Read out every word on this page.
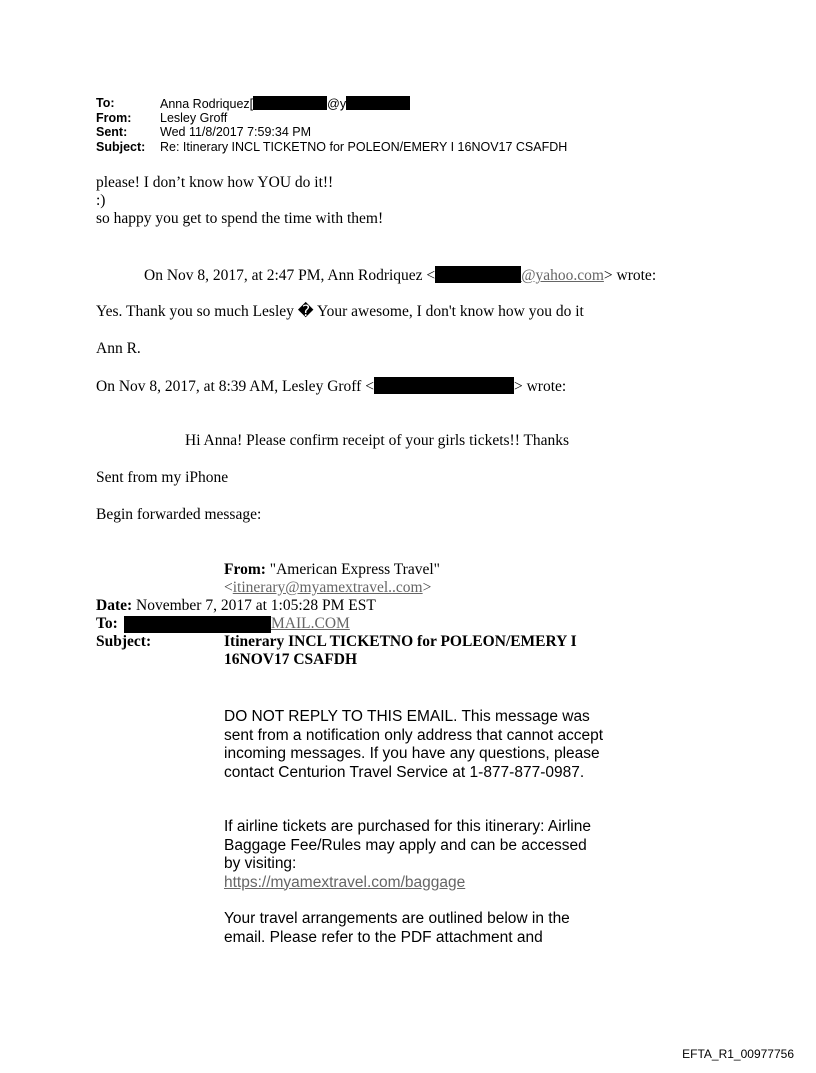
To:	Anna Rodriquez[	@y
From: Lesley Groff
Sent:	Wed 11/8/2017 7:59:34 PM
Subject: Re: Itinerary INCL TICKETNO for POLEON/EMERY I 16NOV17 CSAFDH
please! I don’t know how YOU do it!!
:)
so happy you get to spend the time with them!
On Nov 8, 2017, at 2:47 PM, Ann Rodriquez <	@yahoo.com> wrote:
Yes. Thank you so much Lesley � Your awesome, I don't know how you do it
Ann R.
On Nov 8, 2017, at 8:39 AM, Lesley Groff <	> wrote:
Hi Anna! Please confirm receipt of your girls tickets!! Thanks
Sent from my iPhone
Begin forwarded message:
From: "American Express Travel"
<itinerary@myamextravel..com>
Date: November 7, 2017 at 1:05:28 PM EST
To:	MAIL.COM
Subject:	Itinerary INCL TICKETNO for POLEON/EMERY I
16NOV17 CSAFDH

DO NOT REPLY TO THIS EMAIL. This message was sent from a notification only address that cannot accept incoming messages. If you have any questions, please contact Centurion Travel Service at 1-877-877-0987.

If airline tickets are purchased for this itinerary: Airline Baggage Fee/Rules may apply and can be accessed by visiting:

https://myamextravel.com/baggage

Your travel arrangements are outlined below in the email. Please refer to the PDF attachment and

EFTA_R1_00977756
